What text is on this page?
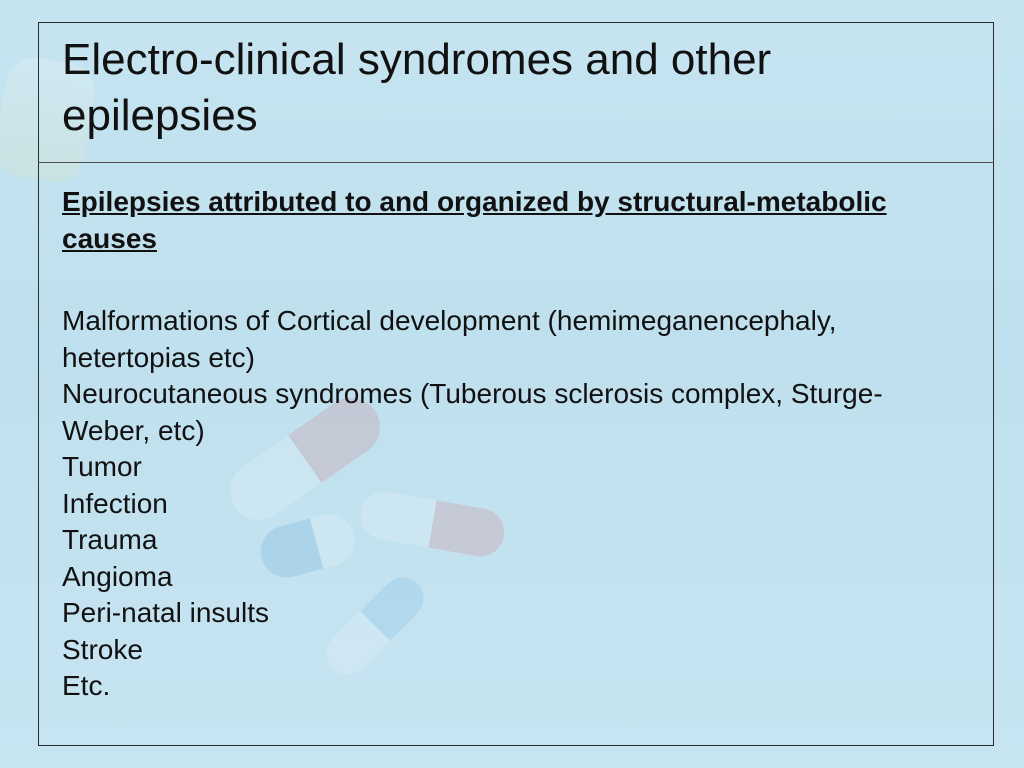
Electro-clinical syndromes and other epilepsies

Epilepsies attributed to and organized by structural-metabolic causes

Malformations of Cortical development (hemimeganencephaly, hetertopias etc)
Neurocutaneous syndromes (Tuberous sclerosis complex, Sturge-Weber, etc)
Tumor
Infection
Trauma
Angioma
Peri-natal insults
Stroke
Etc.
